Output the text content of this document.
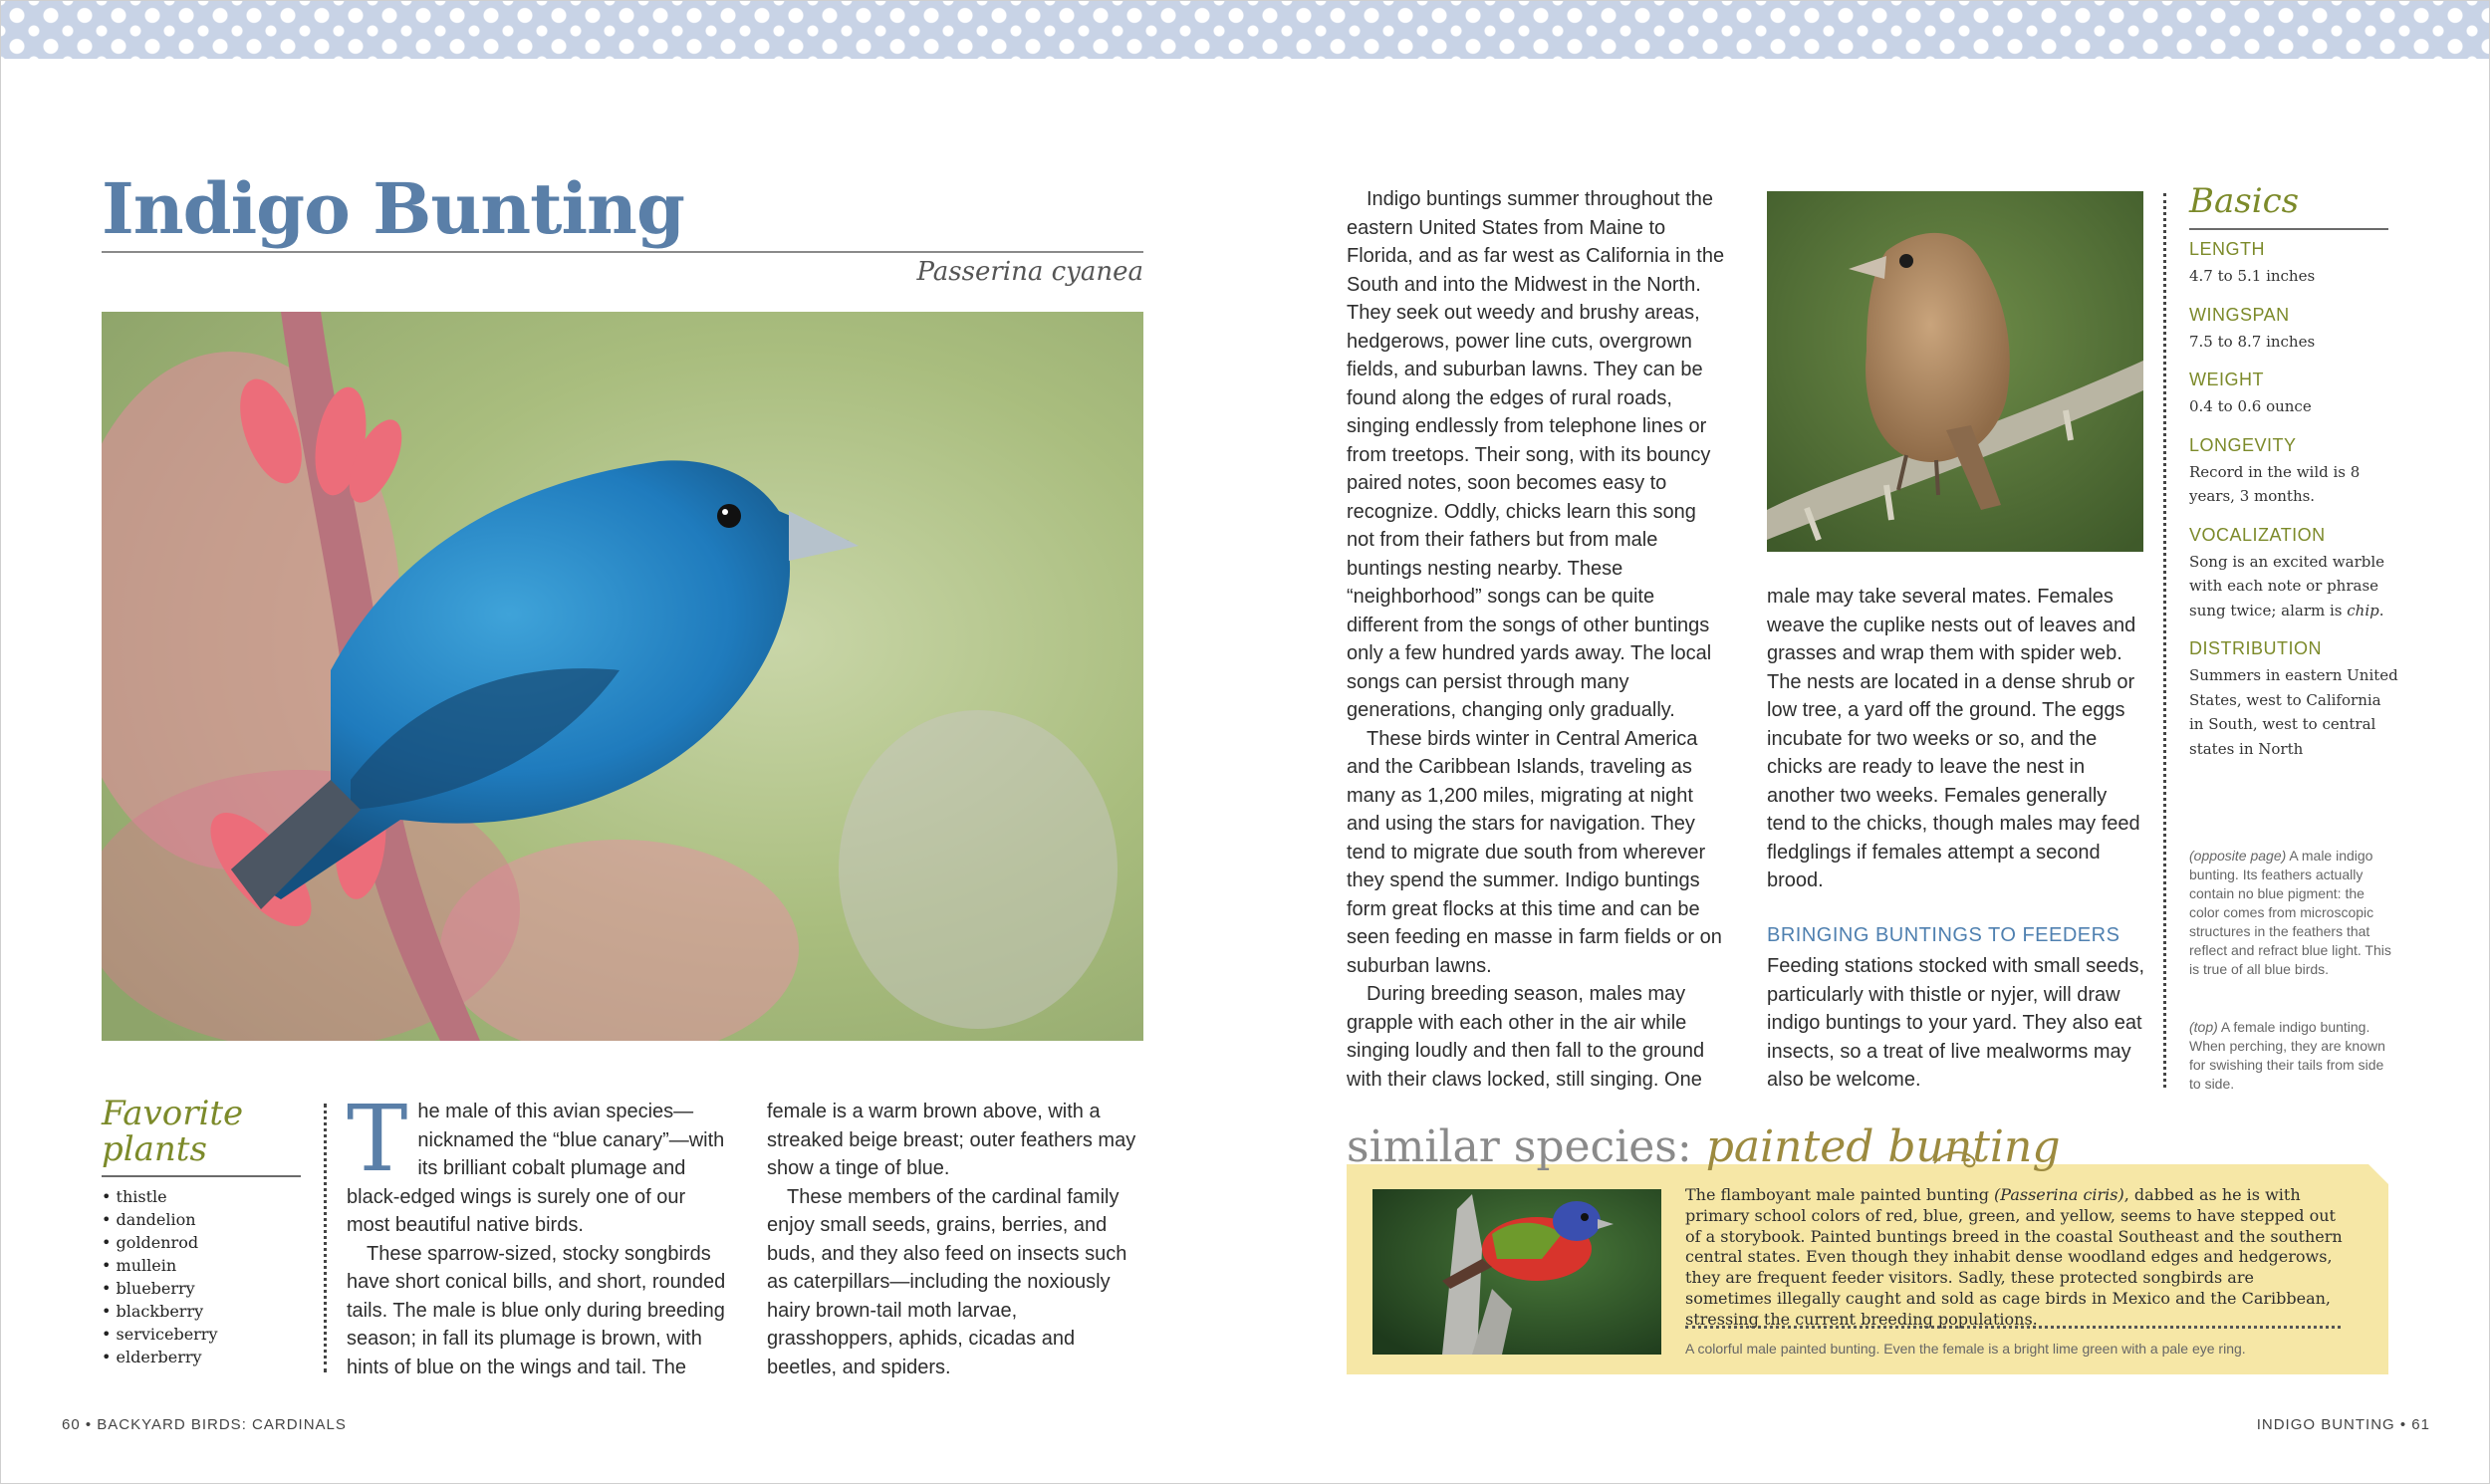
Indigo Bunting
Passerina cyanea
Favorite plants
• thistle
• dandelion
• goldenrod
• mullein
• blueberry
• blackberry
• serviceberry
• elderberry

The male of this avian species—nicknamed the “blue canary”—with its brilliant cobalt plumage and black-edged wings is surely one of our most beautiful native birds.

These sparrow-sized, stocky songbirds have short conical bills, and short, rounded tails. The male is blue only during breeding season; in fall its plumage is brown, with hints of blue on the wings and tail. The

female is a warm brown above, with a streaked beige breast; outer feathers may show a tinge of blue.

These members of the cardinal family enjoy small seeds, grains, berries, and buds, and they also feed on insects such as caterpillars—including the noxiously hairy brown-tail moth larvae, grasshoppers, aphids, cicadas and beetles, and spiders.

Indigo buntings summer throughout the eastern United States from Maine to Florida, and as far west as California in the South and into the Midwest in the North. They seek out weedy and brushy areas, hedgerows, power line cuts, overgrown fields, and suburban lawns. They can be found along the edges of rural roads, singing endlessly from telephone lines or from treetops. Their song, with its bouncy paired notes, soon becomes easy to recognize. Oddly, chicks learn this song not from their fathers but from male buntings nesting nearby. These “neighborhood” songs can be quite different from the songs of other buntings only a few hundred yards away. The local songs can persist through many generations, changing only gradually.

These birds winter in Central America and the Caribbean Islands, traveling as many as 1,200 miles, migrating at night and using the stars for navigation. They tend to migrate due south from wherever they spend the summer. Indigo buntings form great flocks at this time and can be seen feeding en masse in farm fields or on suburban lawns.

During breeding season, males may grapple with each other in the air while singing loudly and then fall to the ground with their claws locked, still singing. One

male may take several mates. Females weave the cuplike nests out of leaves and grasses and wrap them with spider web. The nests are located in a dense shrub or low tree, a yard off the ground. The eggs incubate for two weeks or so, and the chicks are ready to leave the nest in another two weeks. Females generally tend to the chicks, though males may feed fledglings if females attempt a second brood.

BRINGING BUNTINGS TO FEEDERS

Feeding stations stocked with small seeds, particularly with thistle or nyjer, will draw indigo buntings to your yard. They also eat insects, so a treat of live mealworms may also be welcome.

Basics
LENGTH
4.7 to 5.1 inches
WINGSPAN
7.5 to 8.7 inches
WEIGHT
0.4 to 0.6 ounce
LONGEVITY
Record in the wild is 8 years, 3 months.
VOCALIZATION
Song is an excited warble with each note or phrase sung twice; alarm is chip.
DISTRIBUTION
Summers in eastern United States, west to California in South, west to central states in North
(opposite page) A male indigo bunting. Its feathers actually contain no blue pigment: the color comes from microscopic structures in the feathers that reflect and refract blue light. This is true of all blue birds.
(top) A female indigo bunting. When perching, they are known for swishing their tails from side to side.
similar species: painted bunting
The flamboyant male painted bunting (Passerina ciris), dabbed as he is with primary school colors of red, blue, green, and yellow, seems to have stepped out of a storybook. Painted buntings breed in the coastal Southeast and the southern central states. Even though they inhabit dense woodland edges and hedgerows, they are frequent feeder visitors. Sadly, these protected songbirds are sometimes illegally caught and sold as cage birds in Mexico and the Caribbean, stressing the current breeding populations.
A colorful male painted bunting. Even the female is a bright lime green with a pale eye ring.
60 • BACKYARD BIRDS: CARDINALS	INDIGO BUNTING • 61
